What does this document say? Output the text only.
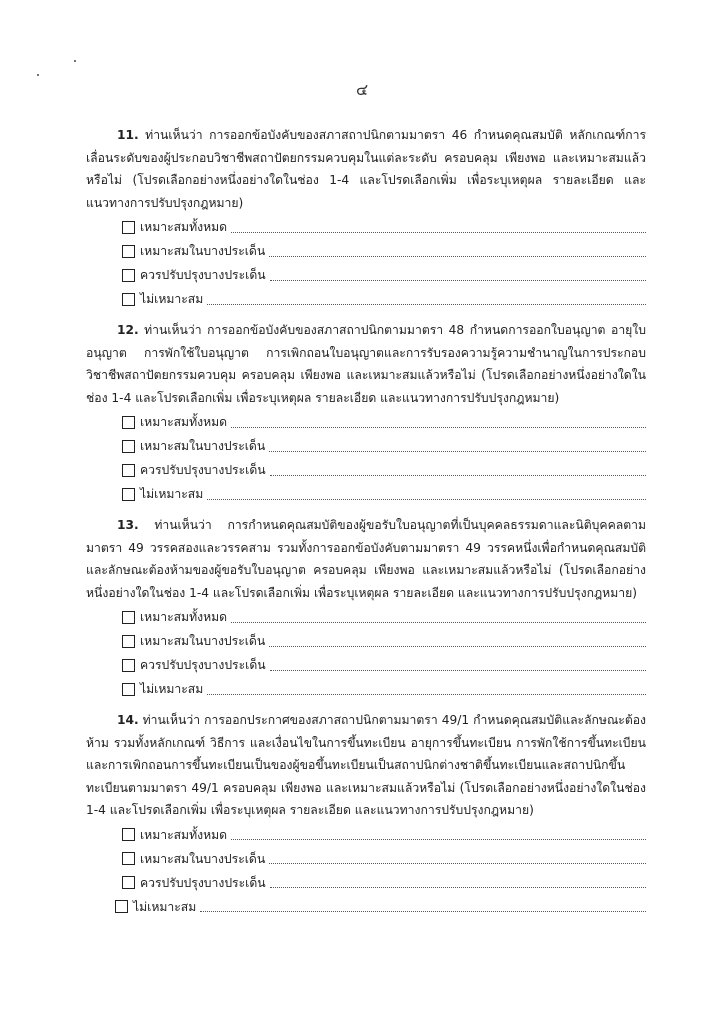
๔

11. ท่านเห็นว่า การออกข้อบังคับของสภาสถาปนิกตามมาตรา 46 กำหนดคุณสมบัติ หลักเกณฑ์การเลื่อนระดับของผู้ประกอบวิชาชีพสถาปัตยกรรมควบคุมในแต่ละระดับ ครอบคลุม เพียงพอ และเหมาะสมแล้วหรือไม่ (โปรดเลือกอย่างหนึ่งอย่างใดในช่อง 1-4 และโปรดเลือกเพิ่ม เพื่อระบุเหตุผล รายละเอียด และแนวทางการปรับปรุงกฎหมาย)

เหมาะสมทั้งหมด
เหมาะสมในบางประเด็น
ควรปรับปรุงบางประเด็น
ไม่เหมาะสม

12. ท่านเห็นว่า การออกข้อบังคับของสภาสถาปนิกตามมาตรา 48 กำหนดการออกใบอนุญาต อายุใบอนุญาต การพักใช้ใบอนุญาต การเพิกถอนใบอนุญาตและการรับรองความรู้ความชำนาญในการประกอบวิชาชีพสถาปัตยกรรมควบคุม ครอบคลุม เพียงพอ และเหมาะสมแล้วหรือไม่ (โปรดเลือกอย่างหนึ่งอย่างใดในช่อง 1-4 และโปรดเลือกเพิ่ม เพื่อระบุเหตุผล รายละเอียด และแนวทางการปรับปรุงกฎหมาย)

เหมาะสมทั้งหมด
เหมาะสมในบางประเด็น
ควรปรับปรุงบางประเด็น
ไม่เหมาะสม

13. ท่านเห็นว่า การกำหนดคุณสมบัติของผู้ขอรับใบอนุญาตที่เป็นบุคคลธรรมดาและนิติบุคคลตามมาตรา 49 วรรคสองและวรรคสาม รวมทั้งการออกข้อบังคับตามมาตรา 49 วรรคหนึ่งเพื่อกำหนดคุณสมบัติและลักษณะต้องห้ามของผู้ขอรับใบอนุญาต ครอบคลุม เพียงพอ และเหมาะสมแล้วหรือไม่ (โปรดเลือกอย่างหนึ่งอย่างใดในช่อง 1-4 และโปรดเลือกเพิ่ม เพื่อระบุเหตุผล รายละเอียด และแนวทางการปรับปรุงกฎหมาย)

เหมาะสมทั้งหมด
เหมาะสมในบางประเด็น
ควรปรับปรุงบางประเด็น
ไม่เหมาะสม

14. ท่านเห็นว่า การออกประกาศของสภาสถาปนิกตามมาตรา 49/1 กำหนดคุณสมบัติและลักษณะต้องห้าม รวมทั้งหลักเกณฑ์ วิธีการ และเงื่อนไขในการขึ้นทะเบียน อายุการขึ้นทะเบียน การพักใช้การขึ้นทะเบียนและการเพิกถอนการขึ้นทะเบียนเป็นของผู้ขอขึ้นทะเบียนเป็นสถาปนิกต่างชาติขึ้นทะเบียนและสถาปนิกขึ้นทะเบียนตามมาตรา 49/1 ครอบคลุม เพียงพอ และเหมาะสมแล้วหรือไม่ (โปรดเลือกอย่างหนึ่งอย่างใดในช่อง 1-4 และโปรดเลือกเพิ่ม เพื่อระบุเหตุผล รายละเอียด และแนวทางการปรับปรุงกฎหมาย)

เหมาะสมทั้งหมด
เหมาะสมในบางประเด็น
ควรปรับปรุงบางประเด็น
ไม่เหมาะสม
